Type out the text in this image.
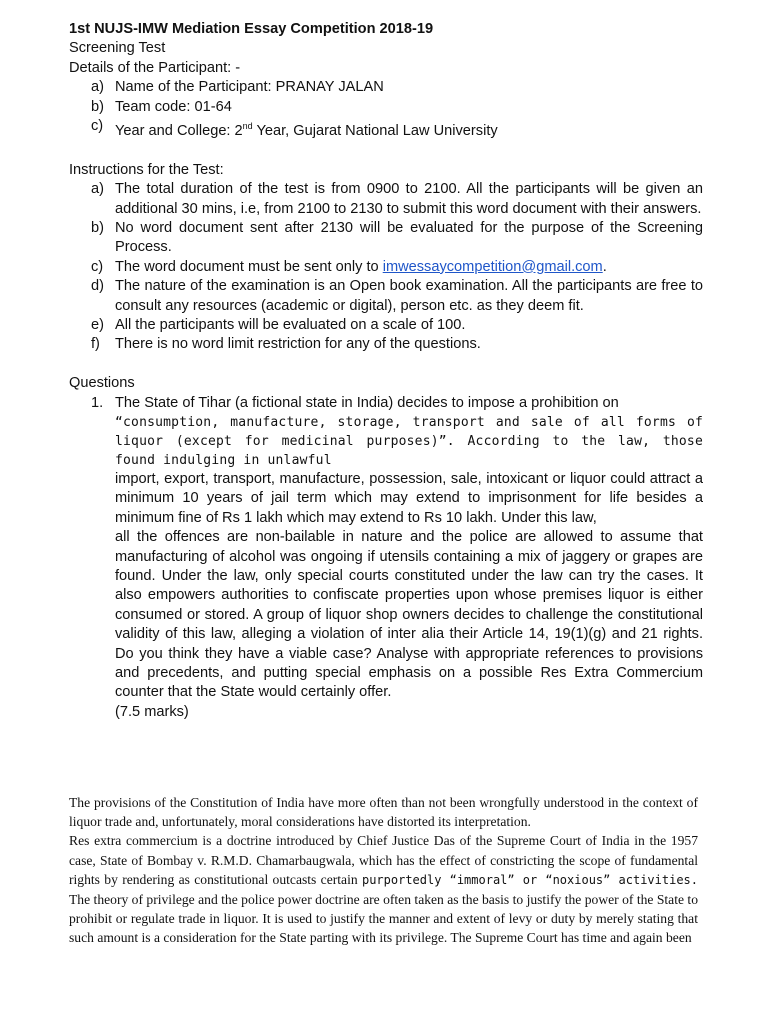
1st NUJS-IMW Mediation Essay Competition 2018-19
Screening Test
Details of the Participant: -
a) Name of the Participant: PRANAY JALAN
b) Team code: 01-64
c) Year and College: 2nd Year, Gujarat National Law University
Instructions for the Test:
a) The total duration of the test is from 0900 to 2100. All the participants will be given an additional 30 mins, i.e, from 2100 to 2130 to submit this word document with their answers.
b) No word document sent after 2130 will be evaluated for the purpose of the Screening Process.
c) The word document must be sent only to imwessaycompetition@gmail.com.
d) The nature of the examination is an Open book examination. All the participants are free to consult any resources (academic or digital), person etc. as they deem fit.
e) All the participants will be evaluated on a scale of 100.
f) There is no word limit restriction for any of the questions.
Questions
1. The State of Tihar (a fictional state in India) decides to impose a prohibition on
“consumption, manufacture, storage, transport and sale of all forms of liquor (except for medicinal purposes)”. According to the law, those found indulging in unlawful
import, export, transport, manufacture, possession, sale, intoxicant or liquor could attract a minimum 10 years of jail term which may extend to imprisonment for life besides a minimum fine of Rs 1 lakh which may extend to Rs 10 lakh. Under this law,
all the offences are non-bailable in nature and the police are allowed to assume that manufacturing of alcohol was ongoing if utensils containing a mix of jaggery or grapes are found. Under the law, only special courts constituted under the law can try the cases. It also empowers authorities to confiscate properties upon whose premises liquor is either consumed or stored. A group of liquor shop owners decides to challenge the constitutional validity of this law, alleging a violation of inter alia their Article 14, 19(1)(g) and 21 rights. Do you think they have a viable case? Analyse with appropriate references to provisions and precedents, and putting special emphasis on a possible Res Extra Commercium counter that the State would certainly offer.
(7.5 marks)

The provisions of the Constitution of India have more often than not been wrongfully understood in the context of liquor trade and, unfortunately, moral considerations have distorted its interpretation.

Res extra commercium is a doctrine introduced by Chief Justice Das of the Supreme Court of India in the 1957 case, State of Bombay v. R.M.D. Chamarbaugwala, which has the effect of constricting the scope of fundamental rights by rendering as constitutional outcasts certain purportedly “immoral” or “noxious” activities. The theory of privilege and the police power doctrine are often taken as the basis to justify the power of the State to prohibit or regulate trade in liquor. It is used to justify the manner and extent of levy or duty by merely stating that such amount is a consideration for the State parting with its privilege. The Supreme Court has time and again been
